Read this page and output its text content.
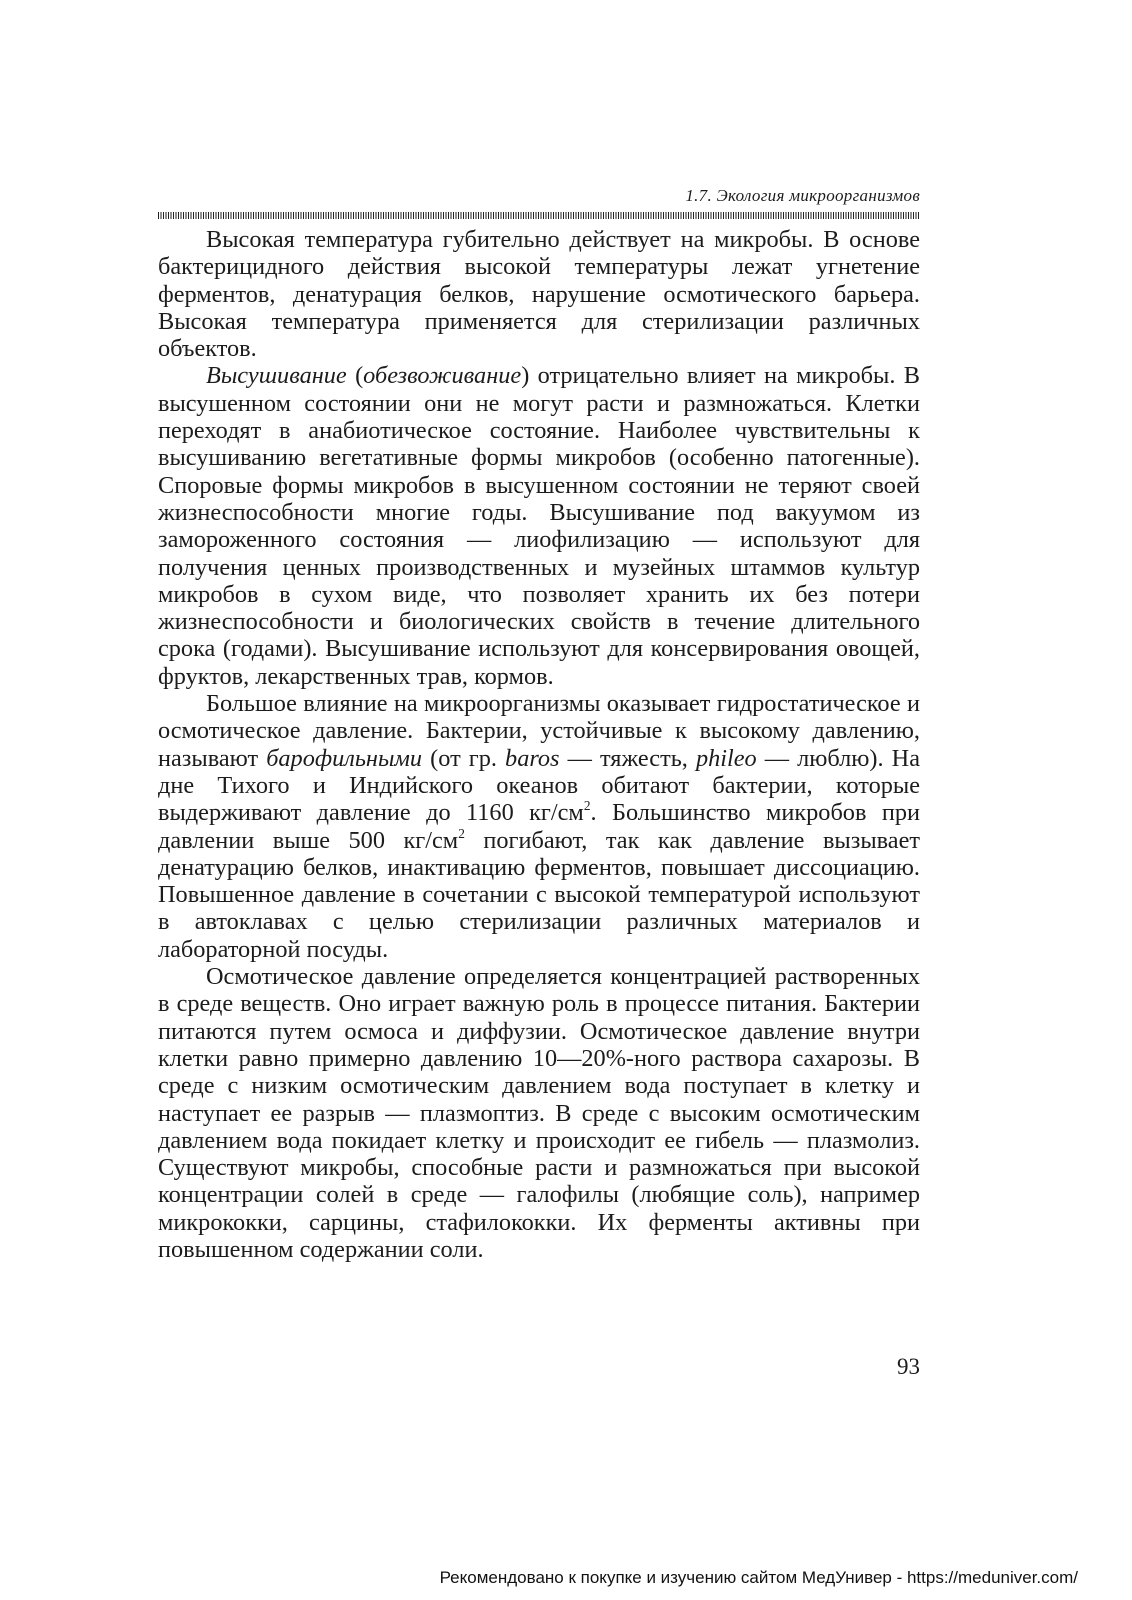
1.7. Экология микроорганизмов

Высокая температура губительно действует на микробы. В основе бактерицидного действия высокой температуры лежат угнетение ферментов, денатурация белков, нарушение осмотического барьера. Высокая температура применяется для стерилизации различных объектов.

Высушивание (обезвоживание) отрицательно влияет на микробы. В высушенном состоянии они не могут расти и размножаться. Клетки переходят в анабиотическое состояние. Наиболее чувствительны к высушиванию вегетативные формы микробов (особенно патогенные). Споровые формы микробов в высушенном состоянии не теряют своей жизнеспособности многие годы. Высушивание под вакуумом из замороженного состояния — лиофилизацию — используют для получения ценных производственных и музейных штаммов культур микробов в сухом виде, что позволяет хранить их без потери жизнеспособности и биологических свойств в течение длительного срока (годами). Высушивание используют для консервирования овощей, фруктов, лекарственных трав, кормов.

Большое влияние на микроорганизмы оказывает гидростатическое и осмотическое давление. Бактерии, устойчивые к высокому давлению, называют барофильными (от гр. baros — тяжесть, phileo — люблю). На дне Тихого и Индийского океанов обитают бактерии, которые выдерживают давление до 1160 $кг/см^2$. Большинство микробов при давлении выше 500 $кг/см^2$ погибают, так как давление вызывает денатурацию белков, инактивацию ферментов, повышает диссоциацию. Повышенное давление в сочетании с высокой температурой используют в автоклавах с целью стерилизации различных материалов и лабораторной посуды.

Осмотическое давление определяется концентрацией растворенных в среде веществ. Оно играет важную роль в процессе питания. Бактерии питаются путем осмоса и диффузии. Осмотическое давление внутри клетки равно примерно давлению 10—20%-ного раствора сахарозы. В среде с низким осмотическим давлением вода поступает в клетку и наступает ее разрыв — плазмоптиз. В среде с высоким осмотическим давлением вода покидает клетку и происходит ее гибель — плазмолиз. Существуют микробы, способные расти и размножаться при высокой концентрации солей в среде — галофилы (любящие соль), например микрококки, сарцины, стафилококки. Их ферменты активны при повышенном содержании соли.

93
Рекомендовано к покупке и изучению сайтом МедУнивер - https://meduniver.com/
